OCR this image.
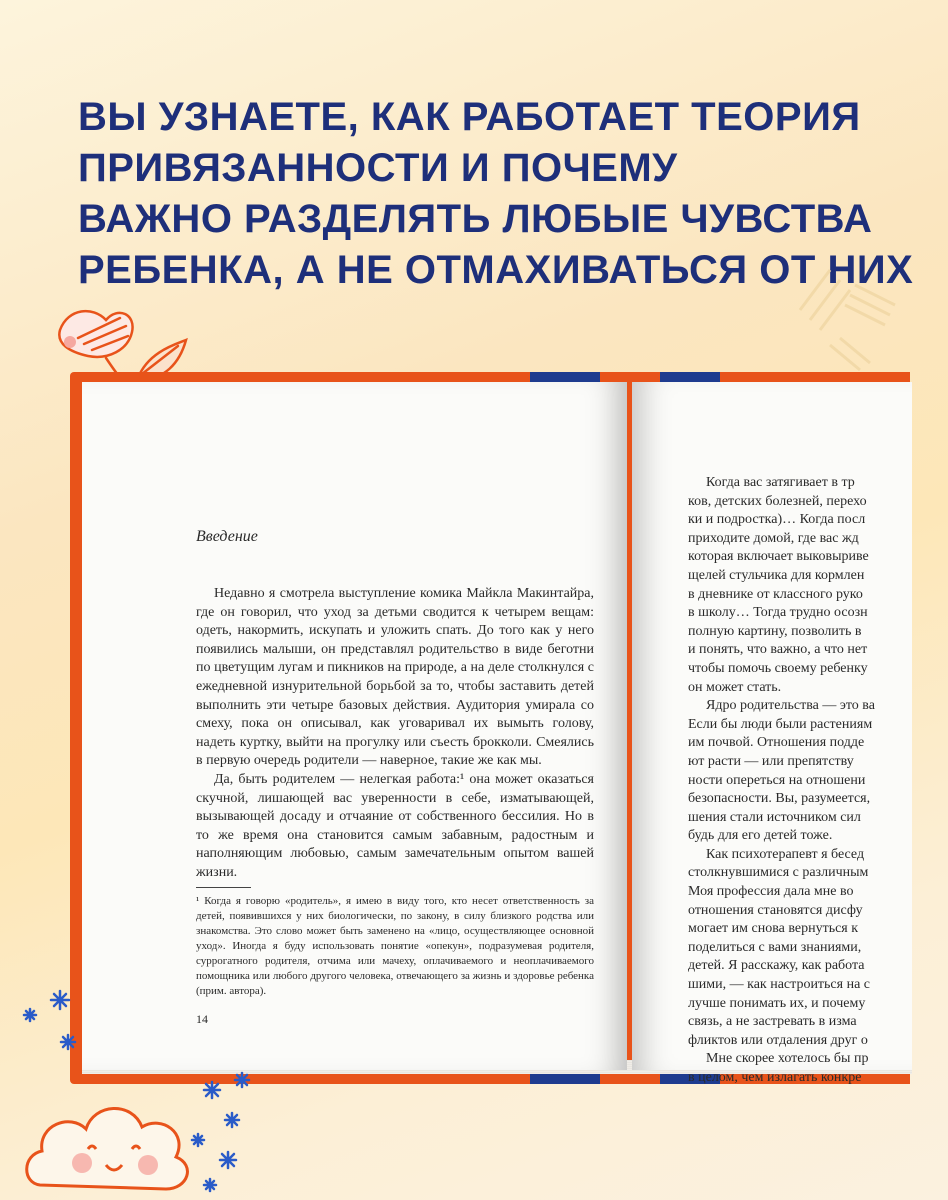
ВЫ УЗНАЕТЕ, КАК РАБОТАЕТ ТЕОРИЯ
ПРИВЯЗАННОСТИ И ПОЧЕМУ
ВАЖНО РАЗДЕЛЯТЬ ЛЮБЫЕ ЧУВСТВА
РЕБЕНКА, А НЕ ОТМАХИВАТЬСЯ ОТ НИХ
Введение

Недавно я смотрела выступление комика Майкла Макинтайра, где он говорил, что уход за детьми сводится к четырем вещам: одеть, накормить, искупать и уложить спать. До того как у него появились малыши, он представлял родительство в виде беготни по цветущим лугам и пикников на природе, а на деле столкнулся с ежедневной изнурительной борьбой за то, чтобы заставить детей выполнить эти четыре базовых действия. Аудитория умирала со смеху, пока он описывал, как уговаривал их вымыть голову, надеть куртку, выйти на прогулку или съесть брокколи. Смеялись в первую очередь родители — наверное, такие же как мы.

Да, быть родителем — нелегкая работа:¹ она может оказаться скучной, лишающей вас уверенности в себе, изматывающей, вызывающей досаду и отчаяние от собственного бессилия. Но в то же время она становится самым забавным, радостным и наполняющим любовью, самым замечательным опытом вашей жизни.

¹ Когда я говорю «родитель», я имею в виду того, кто несет ответственность за детей, появившихся у них биологически, по закону, в силу близкого родства или знакомства. Это слово может быть заменено на «лицо, осуществляющее основной уход». Иногда я буду использовать понятие «опекун», подразумевая родителя, суррогатного родителя, отчима или мачеху, оплачиваемого и неоплачиваемого помощника или любого другого человека, отвечающего за жизнь и здоровье ребенка (прим. автора).
14
Когда вас затягивает в тр
ков, детских болезней, перехо
ки и подростка)… Когда посл
приходите домой, где вас жд
которая включает выковыриве
щелей стульчика для кормлен
в дневнике от классного руко
в школу… Тогда трудно осозн
полную картину, позволить в
и понять, что важно, а что нет
чтобы помочь своему ребенку
он может стать.
Ядро родительства — это ва
Если бы люди были растениям
им почвой. Отношения подде
ют расти — или препятству
ности опереться на отношени
безопасности. Вы, разумеется,
шения стали источником сил
будь для его детей тоже.
Как психотерапевт я бесед
столкнувшимися с различным
Моя профессия дала мне во
отношения становятся дисфу
могает им снова вернуться к
поделиться с вами знаниями,
детей. Я расскажу, как работа
шими, — как настроиться на с
лучше понимать их, и почему
связь, а не застревать в изма
фликтов или отдаления друг о
Мне скорее хотелось бы пр
в целом, чем излагать конкре
